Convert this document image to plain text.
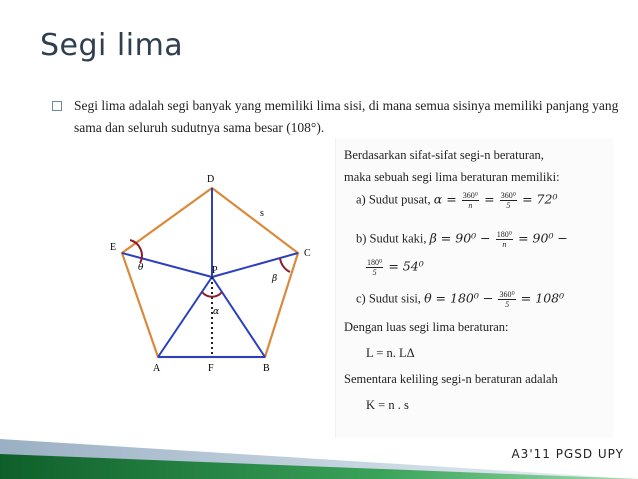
Segi lima
Segi lima adalah segi banyak yang memiliki lima sisi, di mana semua sisinya memiliki panjang yang sama dan seluruh sudutnya sama besar (108°).
D
C
B
A
E
F
P
s
θ
β
α
Berdasarkan sifat-sifat segi-n beraturan,
maka sebuah segi lima beraturan memiliki:
a) Sudut pusat, $\alpha = \frac{\text{360⁰}}{n} = \frac{\text{360⁰}}{5} = 72^0$
b) Sudut kaki, $\beta = 90^0 - \frac{\text{180⁰}}{n} = 90^0$ −
$\frac{\text{180⁰}}{5} = 54^0$
c) Sudut sisi, $\theta = 180^0 - \frac{\text{360⁰}}{5} = 108^0$
Dengan luas segi lima beraturan:
L = n. LΔ
Sementara keliling segi-n beraturan adalah
K = n . s
A3'11 PGSD UPY
